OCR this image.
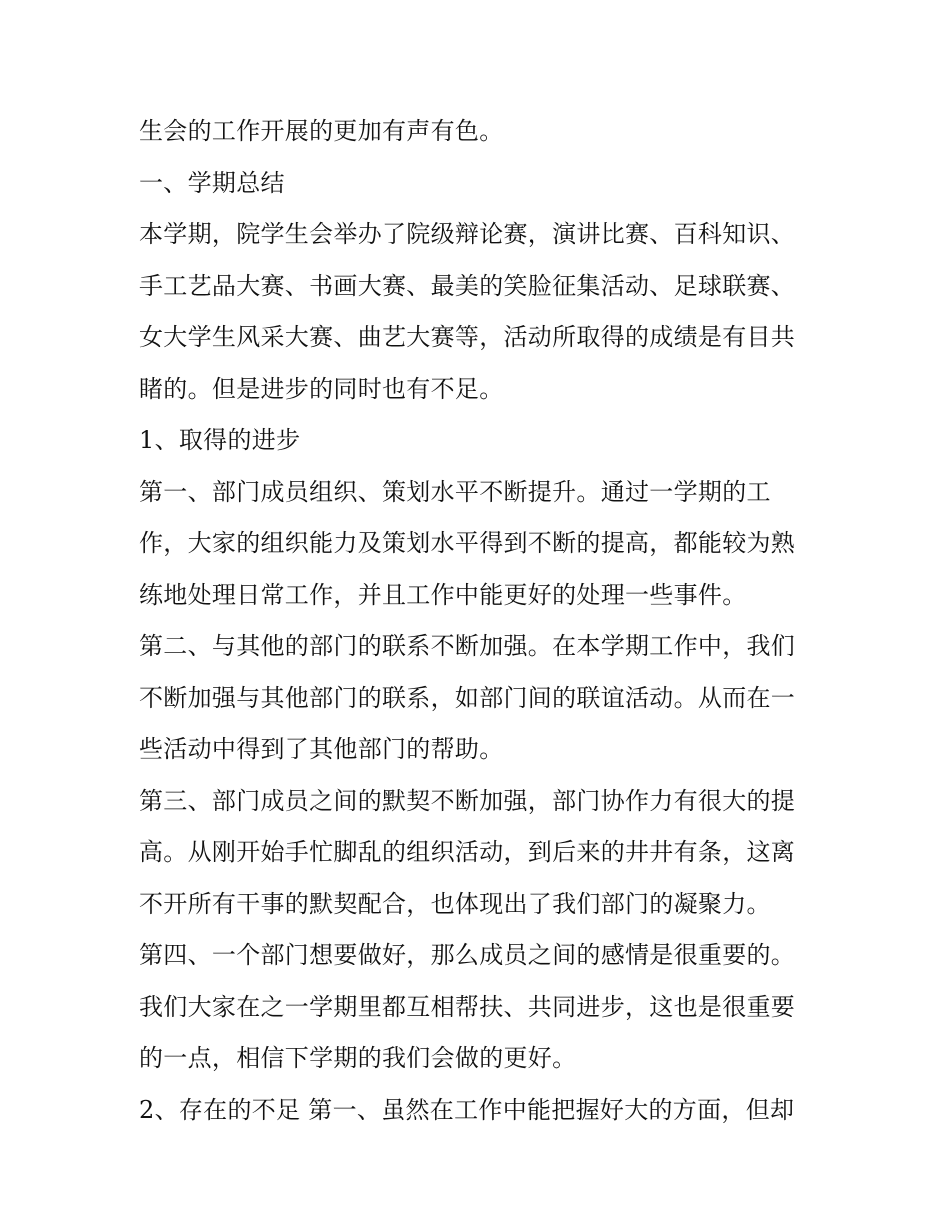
生会的工作开展的更加有声有色。
一、学期总结
本学期，院学生会举办了院级辩论赛，演讲比赛、百科知识、
手工艺品大赛、书画大赛、最美的笑脸征集活动、足球联赛、
女大学生风采大赛、曲艺大赛等，活动所取得的成绩是有目共
睹的。但是进步的同时也有不足。
1、取得的进步
第一、部门成员组织、策划水平不断提升。通过一学期的工
作，大家的组织能力及策划水平得到不断的提高，都能较为熟
练地处理日常工作，并且工作中能更好的处理一些事件。
第二、与其他的部门的联系不断加强。在本学期工作中，我们
不断加强与其他部门的联系，如部门间的联谊活动。从而在一
些活动中得到了其他部门的帮助。
第三、部门成员之间的默契不断加强，部门协作力有很大的提
高。从刚开始手忙脚乱的组织活动，到后来的井井有条，这离
不开所有干事的默契配合，也体现出了我们部门的凝聚力。
第四、一个部门想要做好，那么成员之间的感情是很重要的。
我们大家在之一学期里都互相帮扶、共同进步，这也是很重要
的一点，相信下学期的我们会做的更好。
2、存在的不足 第一、虽然在工作中能把握好大的方面，但却
